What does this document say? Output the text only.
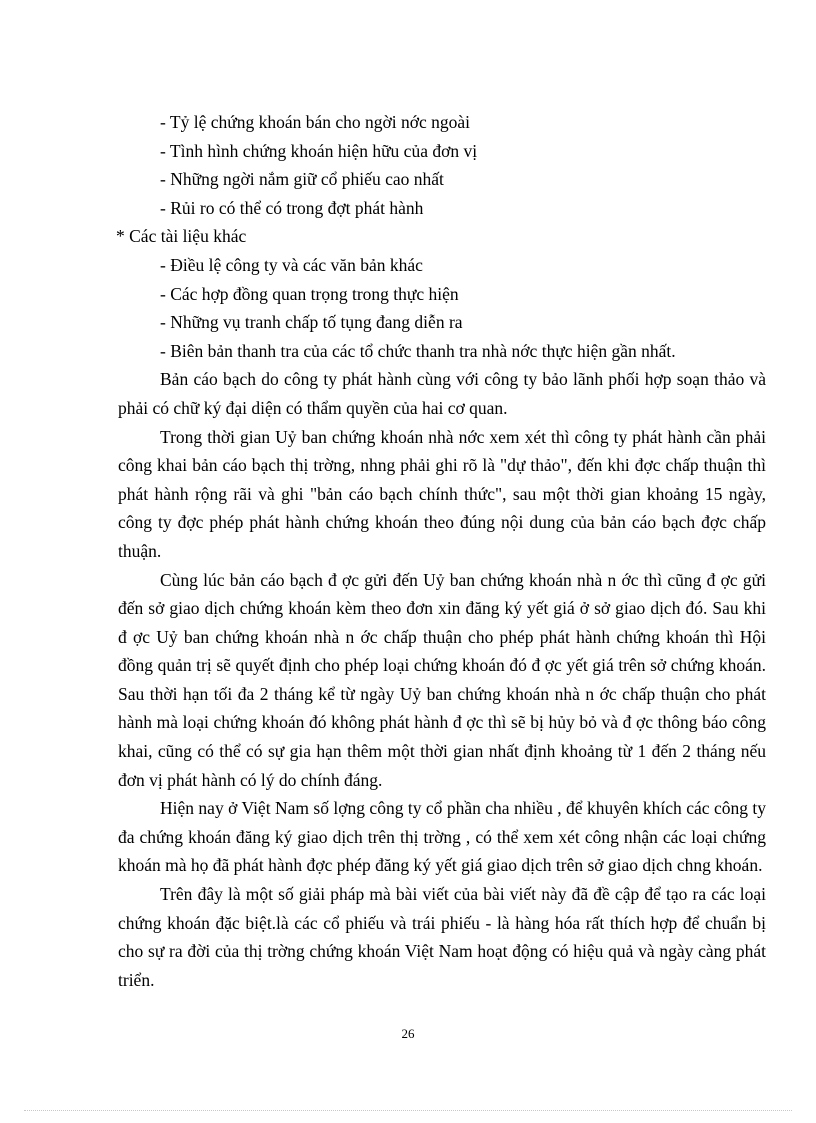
- Tỷ lệ chứng khoán bán cho ngời nớc ngoài
- Tình hình chứng khoán hiện hữu của đơn vị
- Những ngời nắm giữ cổ phiếu cao nhất
- Rủi ro có thể có trong đợt phát hành
* Các tài liệu khác
- Điều lệ công ty và các văn bản khác
- Các hợp đồng quan trọng trong thực hiện
- Những vụ tranh chấp tố tụng đang diễn ra
- Biên bản thanh tra của các tổ chức thanh tra nhà nớc thực hiện gần nhất.

Bản cáo bạch do công ty phát hành cùng với công ty bảo lãnh phối hợp soạn thảo và phải có chữ ký đại diện có thẩm quyền của hai cơ quan.

Trong thời gian Uỷ ban chứng khoán nhà nớc xem xét thì công ty phát hành cần phải công khai bản cáo bạch thị trờng, nhng phải ghi rõ là "dự thảo", đến khi đợc chấp thuận thì phát hành rộng rãi và ghi "bản cáo bạch chính thức", sau một thời gian khoảng 15 ngày, công ty đợc phép phát hành chứng khoán theo đúng nội dung của bản cáo bạch đợc chấp thuận.

Cùng lúc bản cáo bạch đ ợc gửi đến Uỷ ban chứng khoán nhà n ớc thì cũng đ ợc gửi đến sở giao dịch chứng khoán kèm theo đơn xin đăng ký yết giá ở sở giao dịch đó. Sau khi đ ợc Uỷ ban chứng khoán nhà n ớc chấp thuận cho phép phát hành chứng khoán thì Hội đồng quản trị sẽ quyết định cho phép loại chứng khoán đó đ ợc yết giá trên sở chứng khoán. Sau thời hạn tối đa 2 tháng kể từ ngày Uỷ ban chứng khoán nhà n ớc chấp thuận cho phát hành mà loại chứng khoán đó không phát hành đ ợc thì sẽ bị hủy bỏ và đ ợc thông báo công khai, cũng có thể có sự gia hạn thêm một thời gian nhất định khoảng từ 1 đến 2 tháng nếu đơn vị phát hành có lý do chính đáng.

Hiện nay ở Việt Nam số lợng công ty cổ phần cha nhiều , để khuyên khích các công ty đa chứng khoán đăng ký giao dịch trên thị trờng , có thể xem xét công nhận các loại chứng khoán mà họ đã phát hành đợc phép đăng ký yết giá giao dịch trên sở giao dịch chng khoán.

Trên đây là một số giải pháp mà bài viết của bài viết này đã đề cập để tạo ra các loại chứng khoán đặc biệt.là các cổ phiếu và trái phiếu - là hàng hóa rất thích hợp để chuẩn bị cho sự ra đời của thị trờng chứng khoán Việt Nam hoạt động có hiệu quả và ngày càng phát triển.

26
